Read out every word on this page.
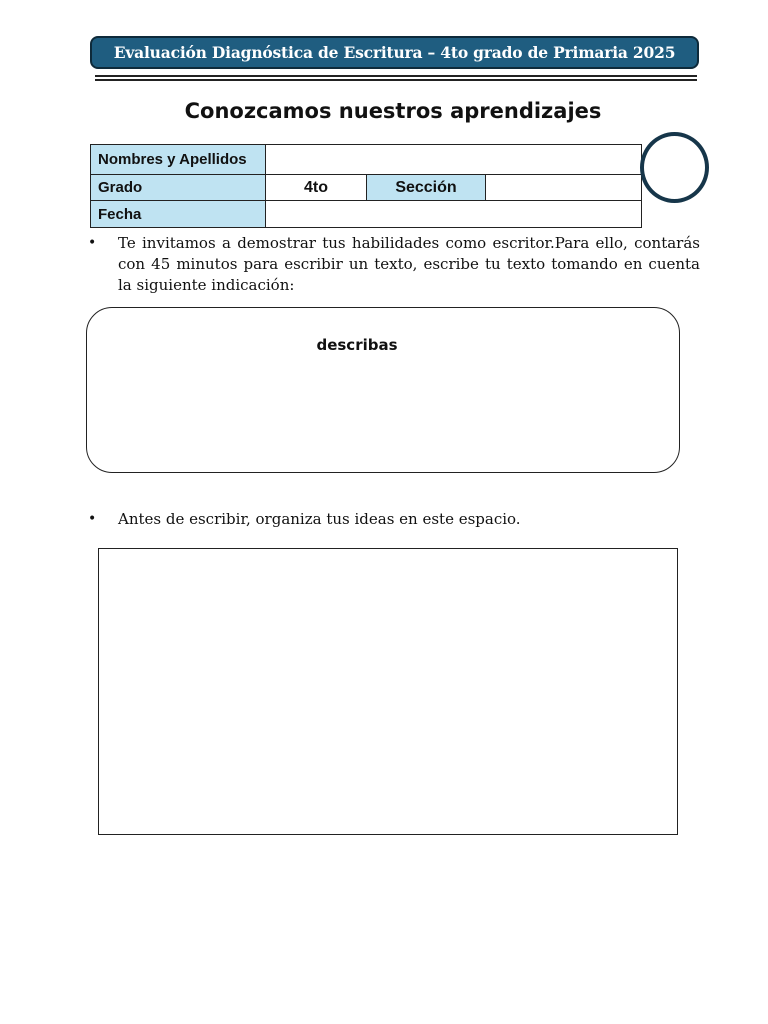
Evaluación Diagnóstica de Escritura – 4to grado de Primaria 2025
Conozcamos nuestros aprendizajes
Nombres y Apellidos			
Grado	4to	Sección	
Fecha			
•	Te invitamos a demostrar tus habilidades como escritor.Para ello, contarás con 45 minutos para escribir un texto, escribe tu texto tomando en cuenta la siguiente indicación:
describas
•	Antes de escribir, organiza tus ideas en este espacio.
